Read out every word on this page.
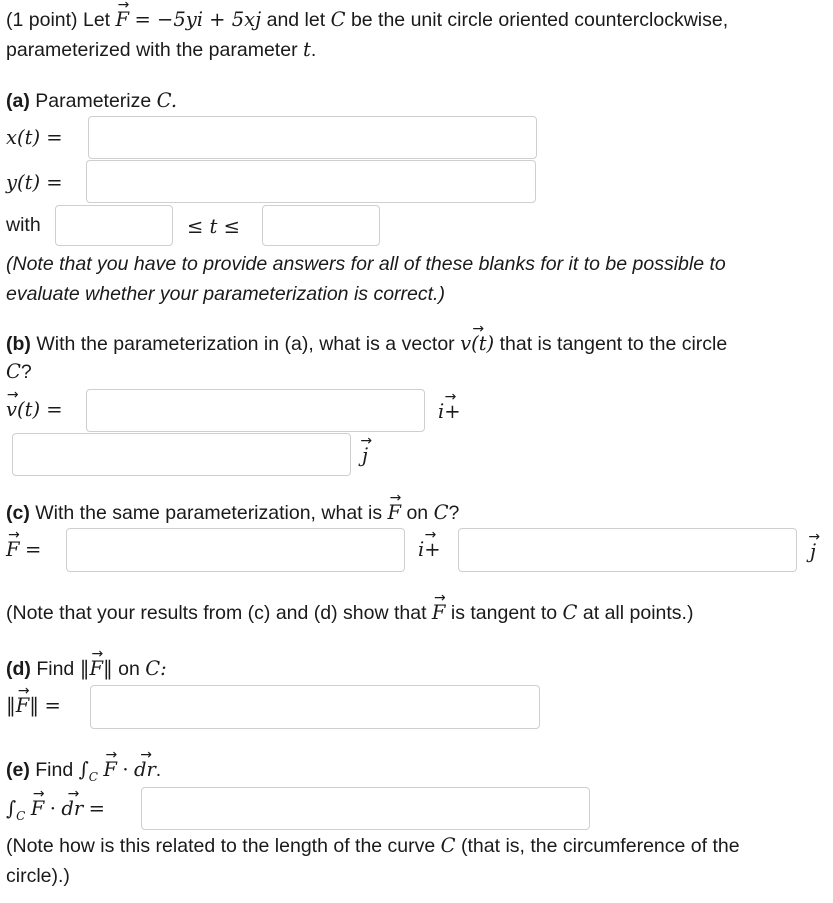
(1 point) Let → F = −5yi + 5xj and let C be the unit circle oriented counterclockwise,
parameterized with the parameter t.
(a) Parameterize C.
x(t) =
y(t) =
with	≤ t ≤
(Note that you have to provide answers for all of these blanks for it to be possible to
evaluate whether your parameterization is correct.)
(b) With the parameterization in (a), what is a vector → v(t) that is tangent to the circle
C?
→ v(t) =	→ i+
→ j
(c) With the same parameterization, what is → F on C?
→ F =	→ i+	→ j
(Note that your results from (c) and (d) show that → F is tangent to C at all points.)
(d) Find ‖→ F‖ on C:
‖→ F‖ =
(e) Find $\int_C \to F$ · → dr.
$\int_C \to F$ · → dr =
(Note how is this related to the length of the curve C (that is, the circumference of the
circle).)
